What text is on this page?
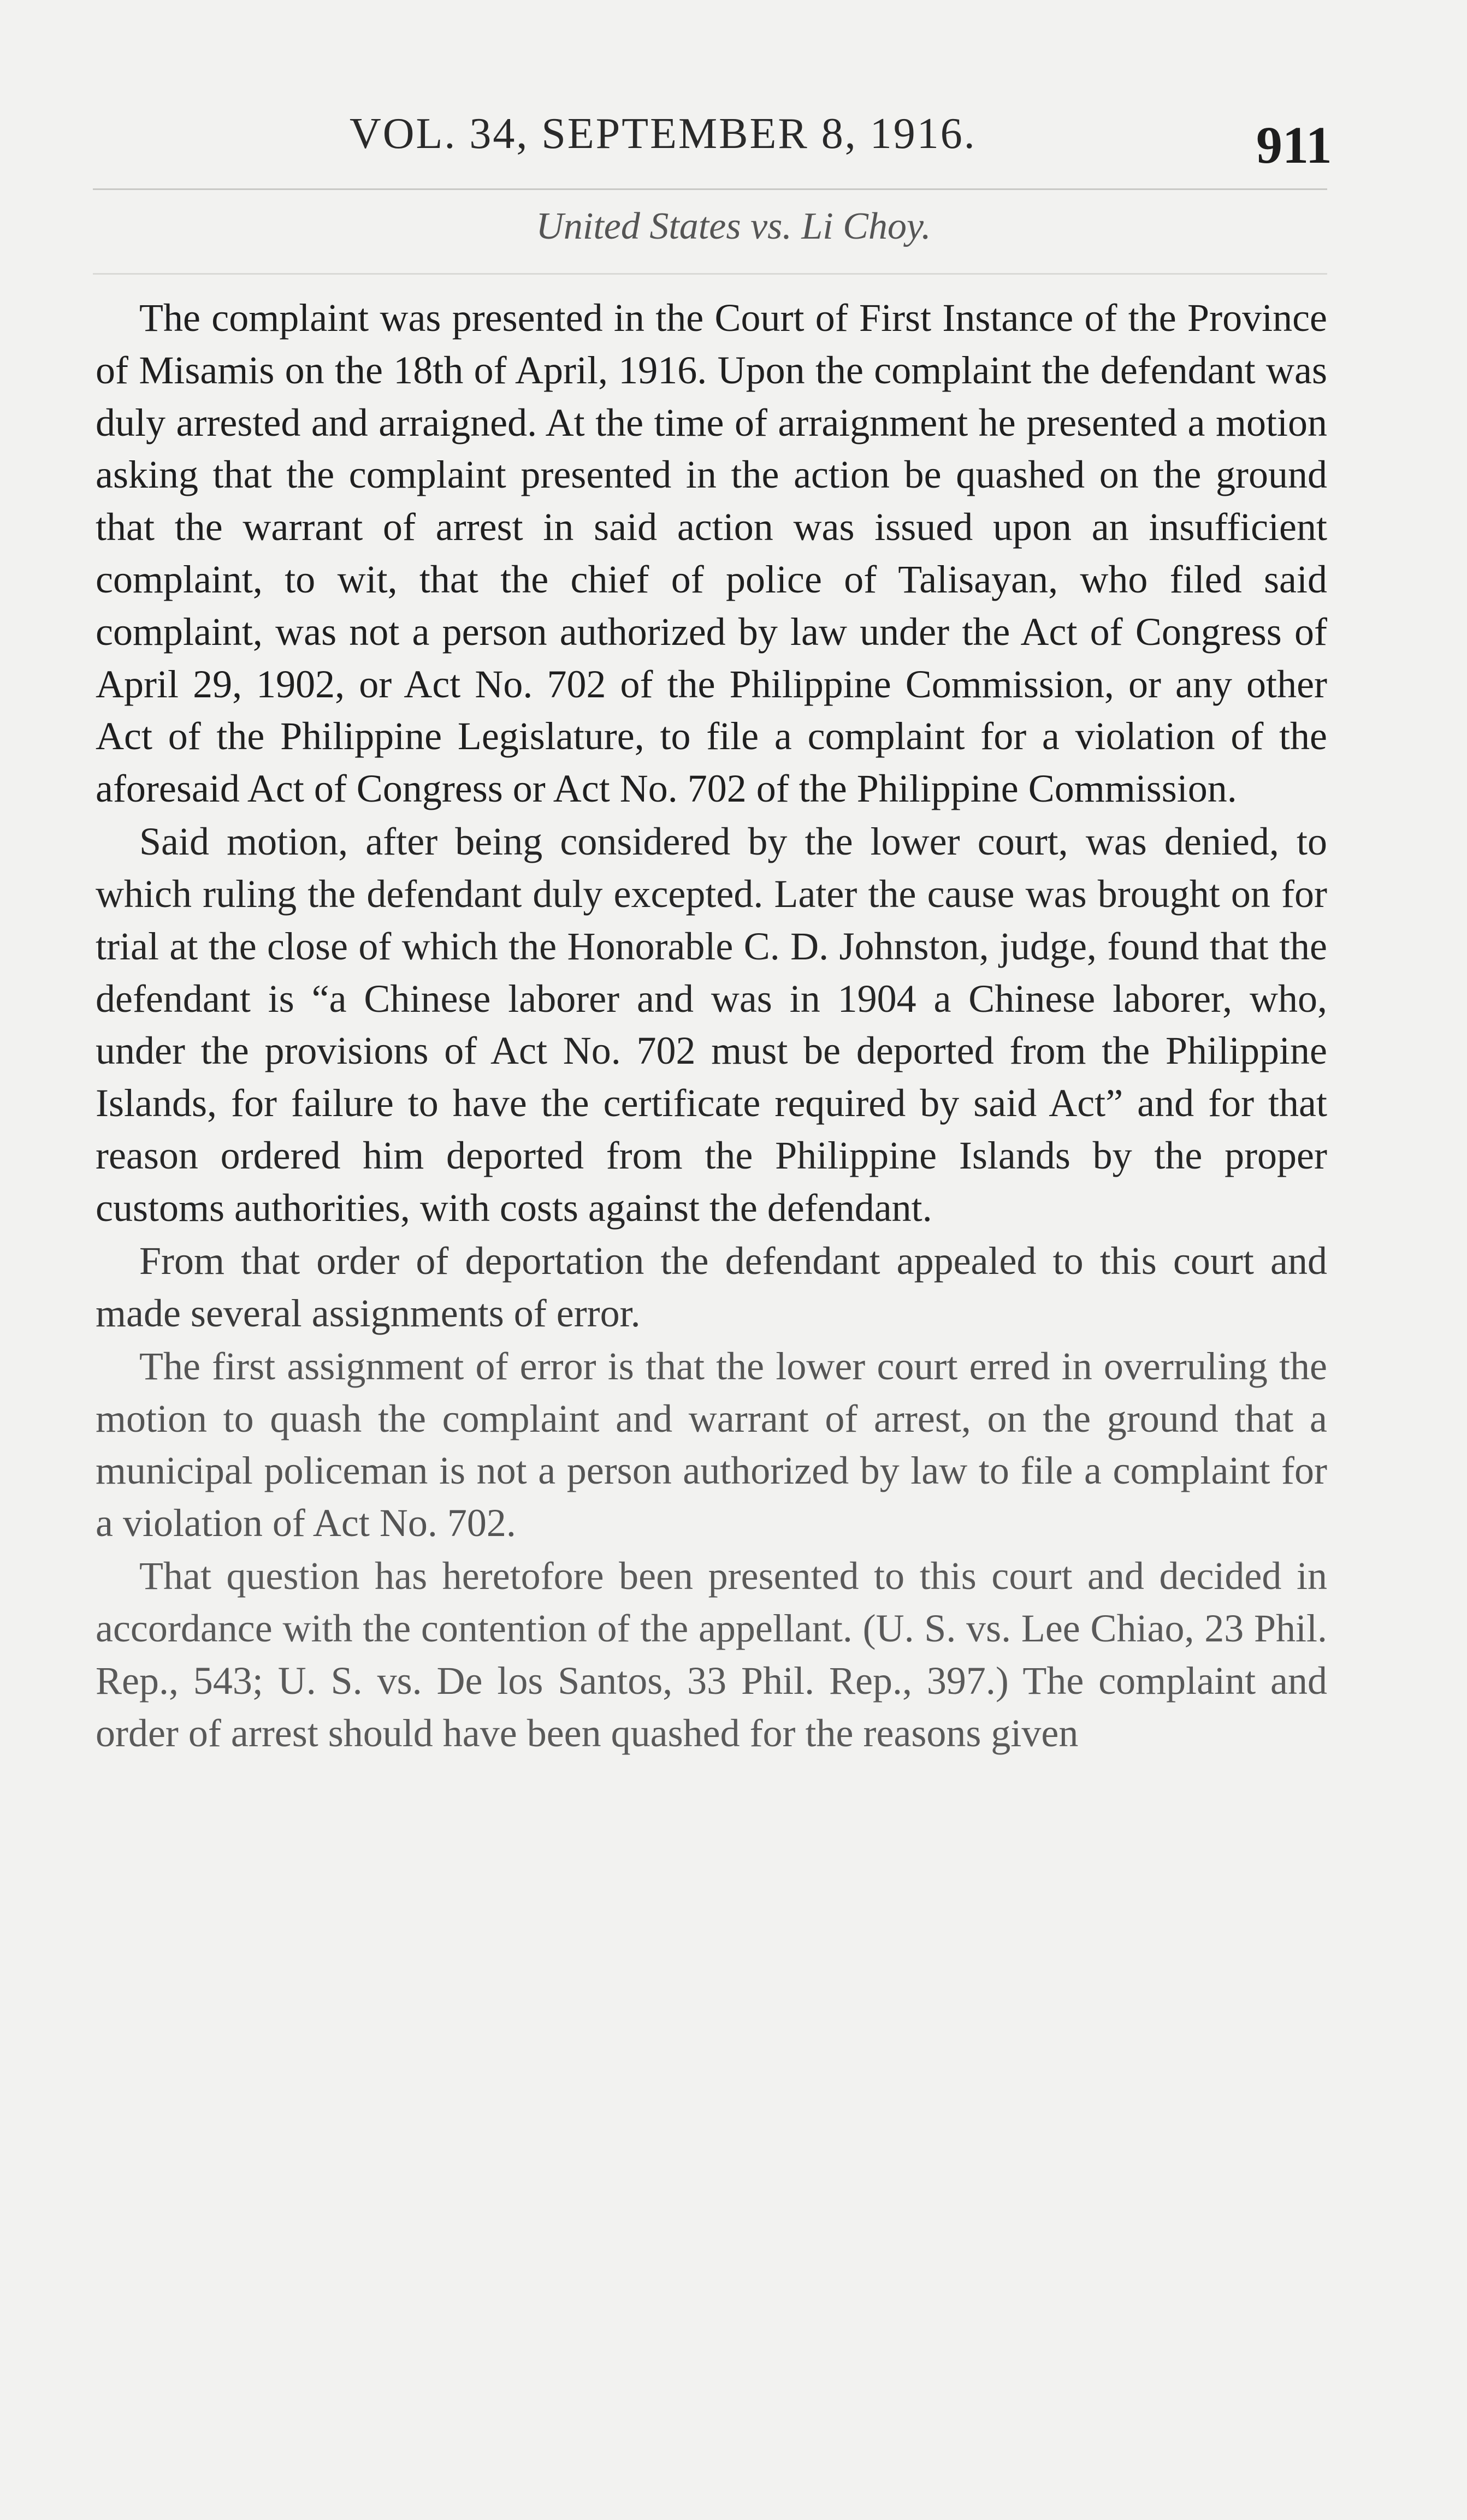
VOL. 34, SEPTEMBER 8, 1916.	911
United States vs. Li Choy.

The complaint was presented in the Court of First Instance of the Province of Misamis on the 18th of April, 1916. Upon the complaint the defendant was duly arrested and arraigned. At the time of arraignment he presented a motion asking that the complaint presented in the action be quashed on the ground that the warrant of arrest in said action was issued upon an insufficient complaint, to wit, that the chief of police of Talisayan, who filed said complaint, was not a person authorized by law under the Act of Congress of April 29, 1902, or Act No. 702 of the Philippine Commission, or any other Act of the Philippine Legislature, to file a complaint for a violation of the aforesaid Act of Congress or Act No. 702 of the Philippine Commission.

Said motion, after being considered by the lower court, was denied, to which ruling the defendant duly excepted. Later the cause was brought on for trial at the close of which the Honorable C. D. Johnston, judge, found that the defendant is “a Chinese laborer and was in 1904 a Chinese laborer, who, under the provisions of Act No. 702 must be deported from the Philippine Islands, for failure to have the certificate required by said Act” and for that reason ordered him deported from the Philippine Islands by the proper customs authorities, with costs against the defendant.

From that order of deportation the defendant appealed to this court and made several assignments of error.

The first assignment of error is that the lower court erred in overruling the motion to quash the complaint and warrant of arrest, on the ground that a municipal policeman is not a person authorized by law to file a complaint for a violation of Act No. 702.

That question has heretofore been presented to this court and decided in accordance with the contention of the appellant. (U. S. vs. Lee Chiao, 23 Phil. Rep., 543; U. S. vs. De los Santos, 33 Phil. Rep., 397.) The complaint and order of arrest should have been quashed for the reasons given
